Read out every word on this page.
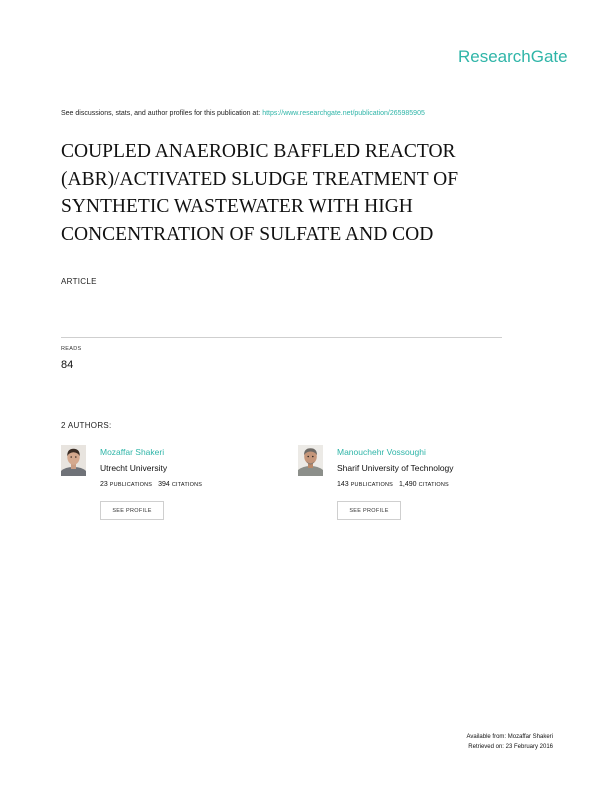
ResearchGate
See discussions, stats, and author profiles for this publication at: https://www.researchgate.net/publication/265985905
COUPLED ANAEROBIC BAFFLED REACTOR
(ABR)/ACTIVATED SLUDGE TREATMENT OF
SYNTHETIC WASTEWATER WITH HIGH
CONCENTRATION OF SULFATE AND COD
ARTICLE
READS
84
2 AUTHORS:
Mozaffar Shakeri
Utrecht University
23 PUBLICATIONS 394 CITATIONS
SEE PROFILE
Manouchehr Vossoughi
Sharif University of Technology
143 PUBLICATIONS 1,490 CITATIONS
SEE PROFILE
Available from: Mozaffar Shakeri
Retrieved on: 23 February 2016
